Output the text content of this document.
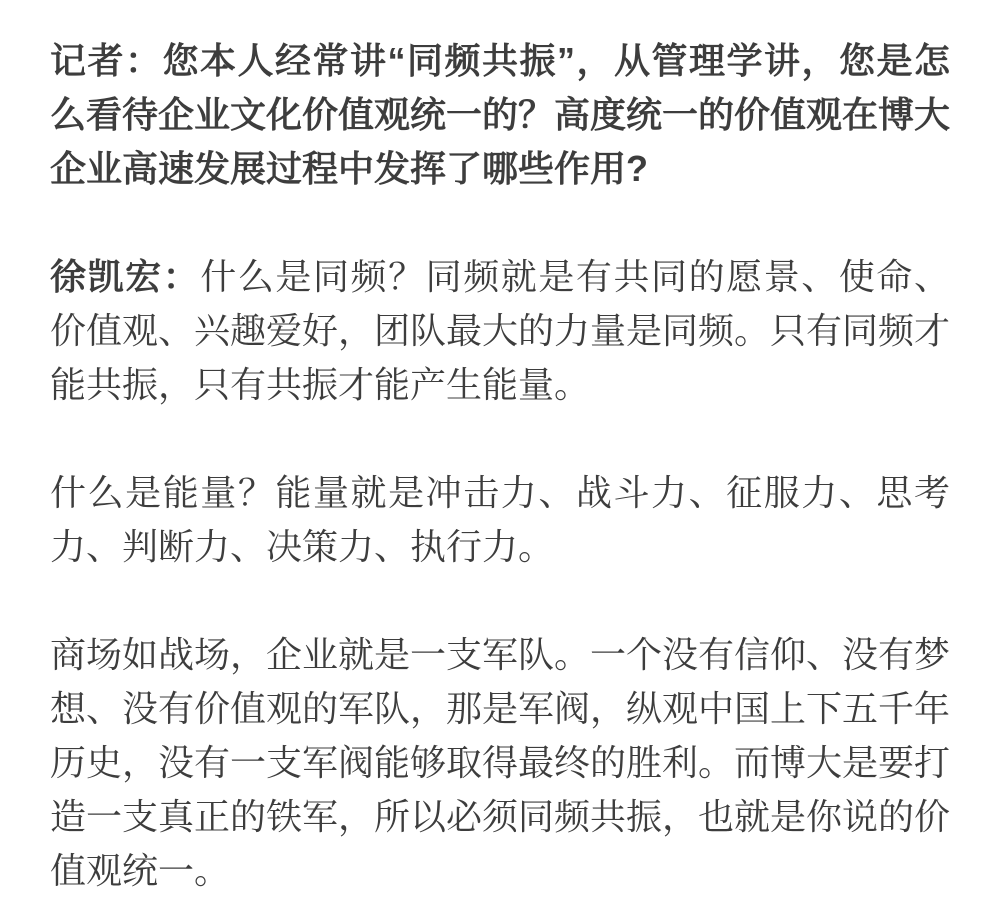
记者：您本人经常讲“同频共振”，从管理学讲，您是怎么看待企业文化价值观统一的？高度统一的价值观在博大企业高速发展过程中发挥了哪些作用?

徐凯宏：什么是同频？同频就是有共同的愿景、使命、价值观、兴趣爱好，团队最大的力量是同频。只有同频才能共振，只有共振才能产生能量。

什么是能量？能量就是冲击力、战斗力、征服力、思考力、判断力、决策力、执行力。

商场如战场，企业就是一支军队。一个没有信仰、没有梦想、没有价值观的军队，那是军阀，纵观中国上下五千年历史，没有一支军阀能够取得最终的胜利。而博大是要打造一支真正的铁军，所以必须同频共振，也就是你说的价值观统一。
